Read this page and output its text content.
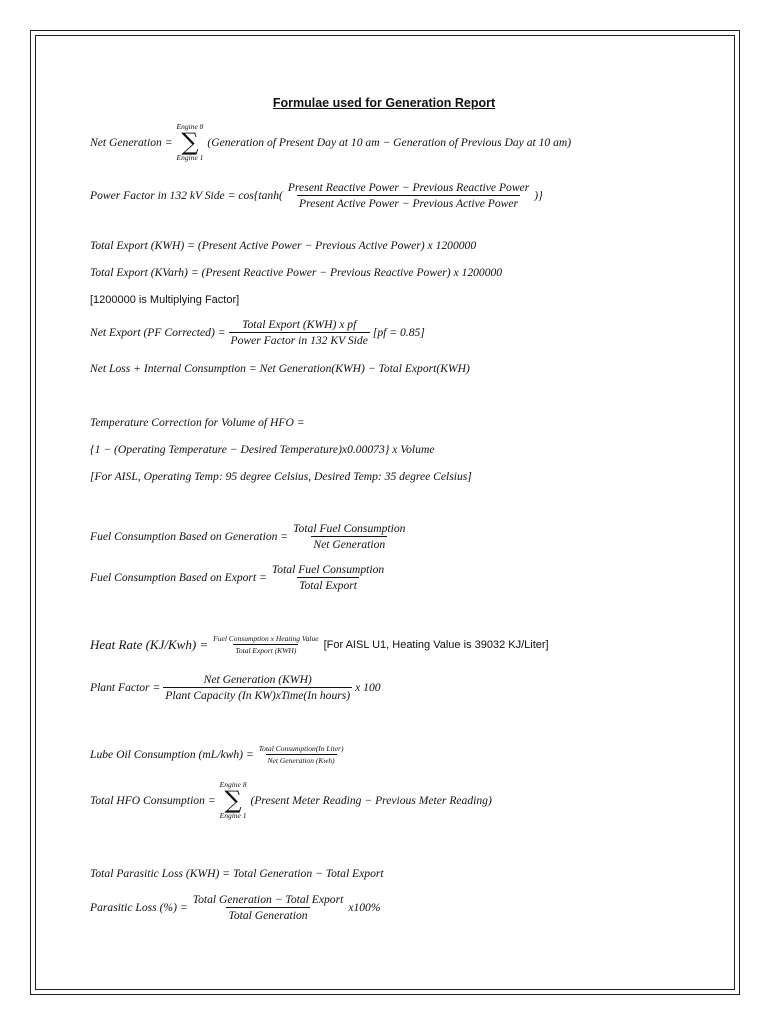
Formulae used for Generation Report
Net Generation =
Engine 8
∑
Engine 1
(Generation of Present Day at 10 am − Generation of Previous Day at 10 am)
Power Factor in 132 kV Side = $\cos\{\tanh( \frac{\text{Present Reactive Power − Previous Reactive Power}}{\text{Present Active Power − Previous Active Power}}$ )}
Total Export (KWH) = (Present Active Power − Previous Active Power) x 1200000
Total Export (KVarh) = (Present Reactive Power − Previous Reactive Power) x 1200000
[1200000 is Multiplying Factor]
Net Export (PF Corrected) = $\frac{\text{Total Export (KWH) x pf}}{\text{Power Factor in 132 KV Side}} [pf = 0.85]$
Net Loss + Internal Consumption = Net Generation(KWH) − Total Export(KWH)
Temperature Correction for Volume of HFO =
{1 − (Operating Temperature − Desired Temperature)x0.00073} x Volume
[For AISL, Operating Temp: 95 degree Celsius, Desired Temp: 35 degree Celsius]
Fuel Consumption Based on Generation = $\frac{\text{Total Fuel Consumption}}{\text{Net Generation}}$
Fuel Consumption Based on Export = $\frac{\text{Total Fuel Consumption}}{\text{Total Export}}$
Heat Rate $(KJ/Kwh) = \frac{\text{Fuel Consumption x Heating Value}}{\text{Total Export (KWH)}} [For$ AISL U1, Heating Value is 39032 KJ/Liter]
Plant Factor = $\frac{\text{Net Generation (KWH)}}{\text{Plant Capacity (In KW)xTime(In hours)}}$ x 100
Lube Oil Consumption $(mL/kwh) = \frac{\text{Total Consumption(In Liter)}}{\text{Net Generation (Kwh)}}$
Total HFO Consumption =
Engine 8
∑
Engine 1
(Present Meter Reading − Previous Meter Reading)
Total Parasitic Loss (KWH) = Total Generation − Total Export
Parasitic Loss (%) = $\frac{\text{Total Generation − Total Export}}{\text{Total Generation}} x100\%$
